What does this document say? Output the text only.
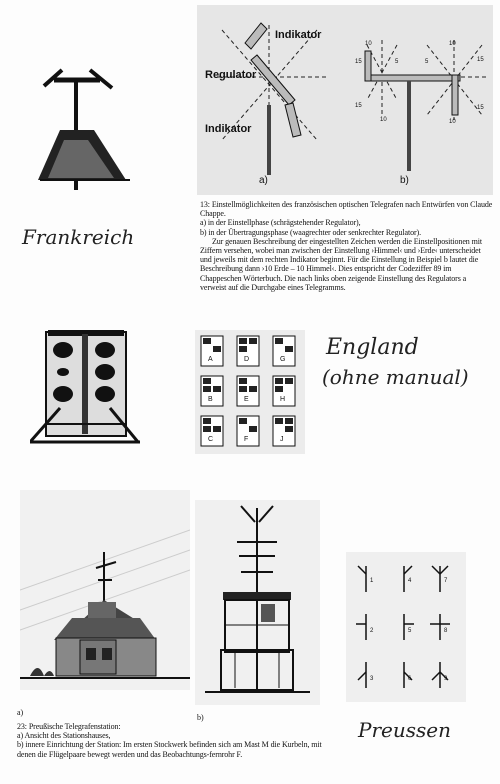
Indikator
Regulator
Indikator
a)	b)
10
5
15
15
10
5	15
15
10
10

13: Einstellmöglichkeiten des französischen optischen Telegrafen nach Entwürfen von Claude Chappe.

a) in der Einstellphase (schrägstehender Regulator),

b) in der Übertragungsphase (waagrechter oder senkrechter Regulator).

Zur genauen Beschreibung der eingestellten Zeichen werden die Einstellpositionen mit Ziffern versehen, wobei man zwischen der Einstellung ›Himmel‹ und ›Erde‹ unterscheidet und jeweils mit dem rechten Indikator beginnt. Für die Einstellung in Beispiel b lautet die Beschreibung dann ›10 Erde – 10 Himmel‹. Dies entspricht der Codeziffer 89 im Chappeschen Wörterbuch. Die nach links oben zeigende Einstellung des Regulators a verweist auf die Durchgabe eines Telegramms.

Frankreich
A	D	G
B	E	H
C	F	J
England
(ohne manual)
a)
b)
1	4	7
2	5	8
3	6	9

23: Preußische Telegrafenstation:

a) Ansicht des Stationshauses,

b) innere Einrichtung der Station: Im ersten Stockwerk befinden sich am Mast M die Kurbeln, mit denen die Flügelpaare bewegt werden und das Beobachtungs-fernrohr F.

Preussen
